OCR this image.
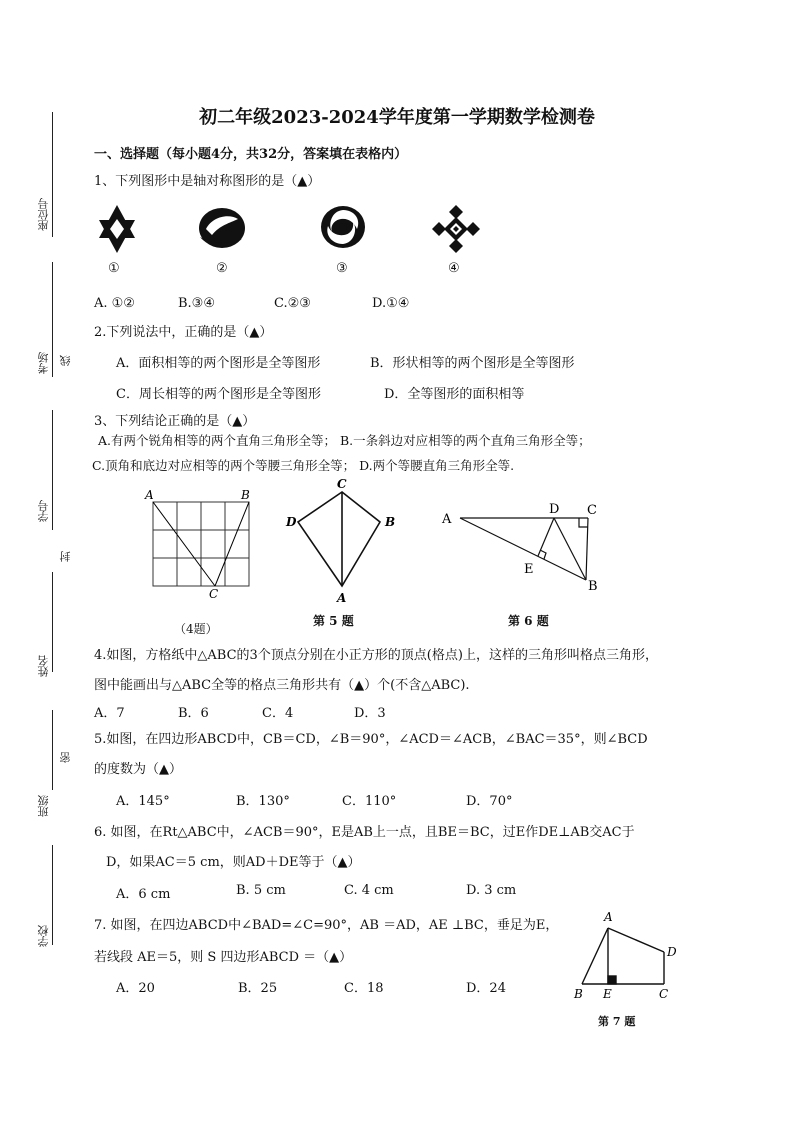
座位号
考场 线
学号
封
姓名
密
班级
学校
初二年级2023-2024学年度第一学期数学检测卷
一、选择题（每小题4分，共32分，答案填在表格内）
1、下列图形中是轴对称图形的是（▲）
①	②	③	④
A. ①②	B.③④	C.②③	D.①④
2.下列说法中，正确的是（▲）
A．面积相等的两个图形是全等图形	B．形状相等的两个图形是全等图形
C．周长相等的两个图形是全等图形	D．全等图形的面积相等
3、下列结论正确的是（▲）
A.有两个锐角相等的两个直角三角形全等； B.一条斜边对应相等的两个直角三角形全等；
C.顶角和底边对应相等的两个等腰三角形全等； D.两个等腰直角三角形全等.
A	B
C
（4题）
C
D	B
A
第 5 题
A
D C
E
B
第 6 题
4.如图，方格纸中△ABC的3个顶点分别在小正方形的顶点(格点)上，这样的三角形叫格点三角形，
图中能画出与△ABC全等的格点三角形共有（▲）个(不含△ABC).
A．7	B．6	C．4	D．3
5.如图，在四边形ABCD中，CB＝CD，∠B＝90°，∠ACD＝∠ACB，∠BAC＝35°，则∠BCD
的度数为（▲）
A．145°	B．130°	C．110°	D．70°
6. 如图，在Rt△ABC中，∠ACB＝90°，E是AB上一点，且BE＝BC，过E作DE⊥AB交AC于
D，如果AC＝5 cm，则AD＋DE等于（▲）
A．6 cm	B. 5 cm	C. 4 cm	D. 3 cm
7. 如图，在四边ABCD中∠BAD=∠C=90°，AB ＝AD，AE ⊥BC，垂足为E，
若线段 AE＝5，则 S 四边形ABCD ＝（▲）
A．20	B．25	C．18	D．24
A
D
B E	C
第 7 题
